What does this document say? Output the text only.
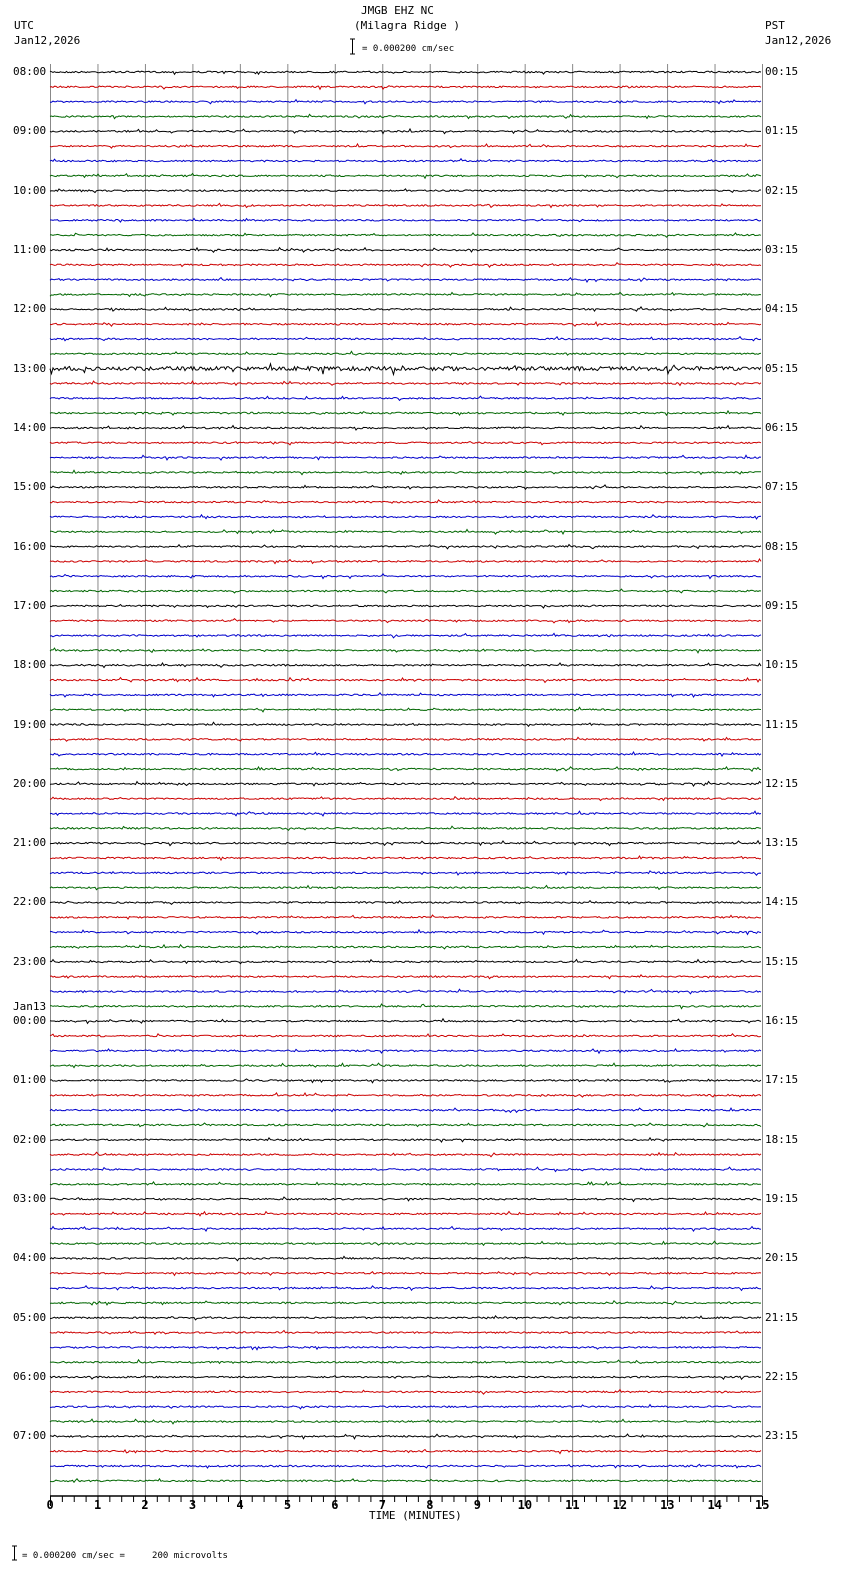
JMGB EHZ NC
(Milagra Ridge )
UTC
Jan12,2026
PST
Jan12,2026
= 0.000200 cm/sec
TIME (MINUTES)
= 0.000200 cm/sec =     200 microvolts
0	1	2	3	4	5	6	7	8	9	10	11	12	13	14	15
08:00
09:00
10:00
11:00
12:00
13:00
14:00
15:00
16:00
17:00
18:00
19:00
20:00
21:00
22:00
23:00
00:00
Jan13
01:00
02:00
03:00
04:00
05:00
06:00
07:00
00:15
01:15
02:15
03:15
04:15
05:15
06:15
07:15
08:15
09:15
10:15
11:15
12:15
13:15
14:15
15:15
16:15
17:15
18:15
19:15
20:15
21:15
22:15
23:15
